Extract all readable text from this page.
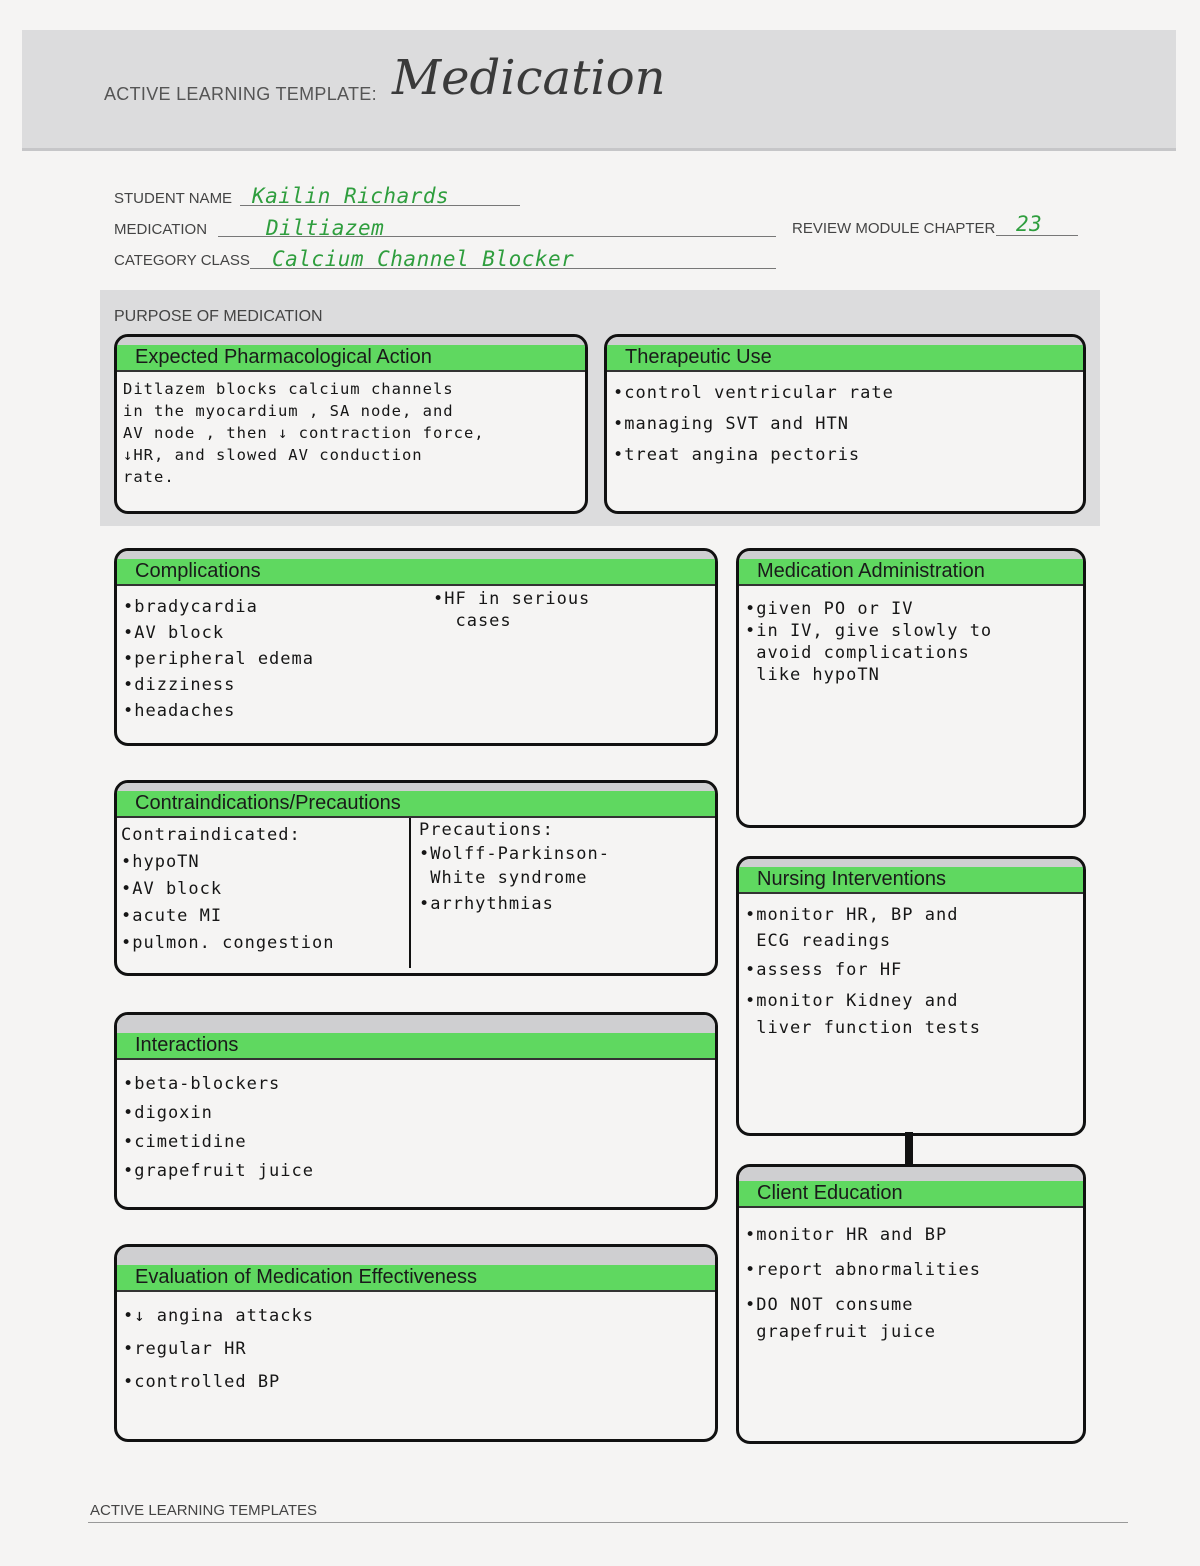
ACTIVE LEARNING TEMPLATE: Medication
STUDENT NAME Kailin Richards
MEDICATION	Diltiazem	REVIEW MODULE CHAPTER 23
CATEGORY CLASS Calcium Channel Blocker
PURPOSE OF MEDICATION
Expected Pharmacological Action
Ditlazem blocks calcium channels
in the myocardium , SA node, and
AV node , then ↓ contraction force,
↓HR, and slowed AV conduction
rate.
Therapeutic Use
•control ventricular rate
•managing SVT and HTN
•treat angina pectoris
Complications
•bradycardia
•AV block
•peripheral edema
•dizziness
•headaches
•HF in serious
cases
Medication Administration
•given PO or IV
•in IV, give slowly to
avoid complications
like hypoTN
Contraindications/Precautions
Contraindicated:
•hypoTN
•AV block
•acute MI
•pulmon. congestion
Precautions:
•Wolff-Parkinson-
White syndrome
•arrhythmias
Nursing Interventions
•monitor HR, BP and
ECG readings
•assess for HF
•monitor Kidney and
liver function tests
Interactions
•beta-blockers
•digoxin
•cimetidine
•grapefruit juice
Client Education
•monitor HR and BP
•report abnormalities
•DO NOT consume
grapefruit juice
Evaluation of Medication Effectiveness
•↓ angina attacks
•regular HR
•controlled BP
ACTIVE LEARNING TEMPLATES
